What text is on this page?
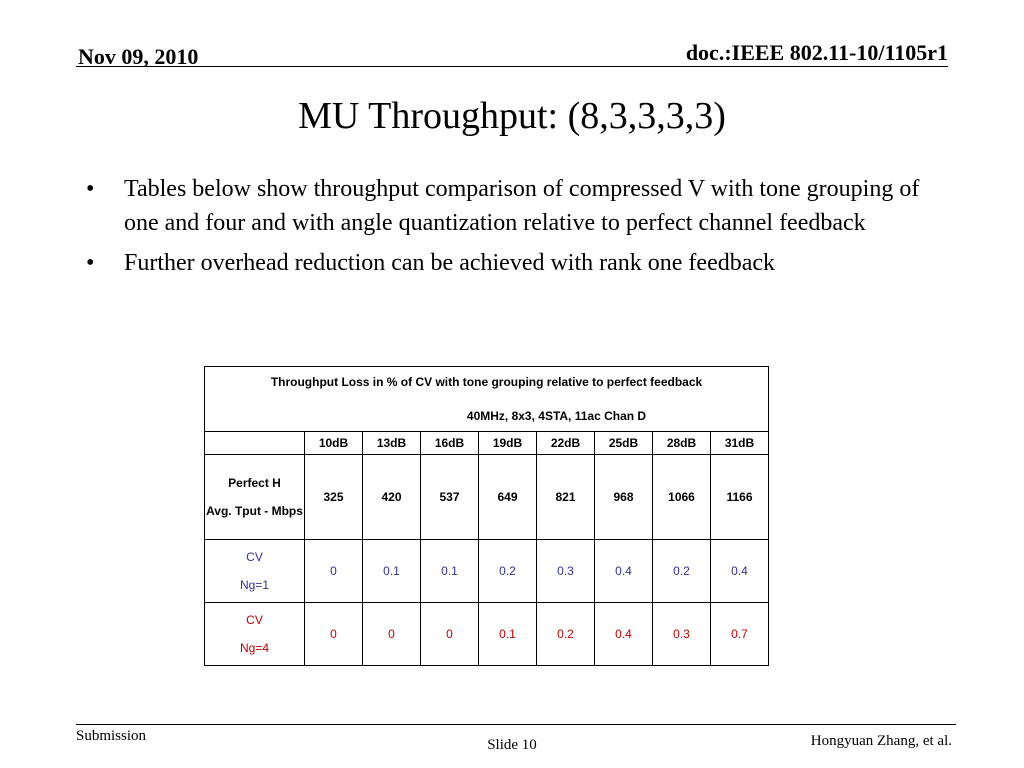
Nov 09, 2010	doc.:IEEE 802.11-10/1105r1
MU Throughput: (8,3,3,3,3)
• Tables below show throughput comparison of compressed V with tone grouping of one and four and with angle quantization relative to perfect channel feedback
• Further overhead reduction can be achieved with rank one feedback
Throughput Loss in % of CV with tone grouping relative to perfect feedback
40MHz, 8x3, 4STA, 11ac Chan D								

	10dB	13dB	16dB	19dB	22dB	25dB	28dB	31dB

Perfect H
Avg. Tput - Mbps	325	420	537	649	821	968	1066	1166

CV
Ng=1	0	0.1	0.1	0.2	0.3	0.4	0.2	0.4

CV
Ng=4	0	0	0	0.1	0.2	0.4	0.3	0.7
Submission
Slide 10	Hongyuan Zhang, et al.
